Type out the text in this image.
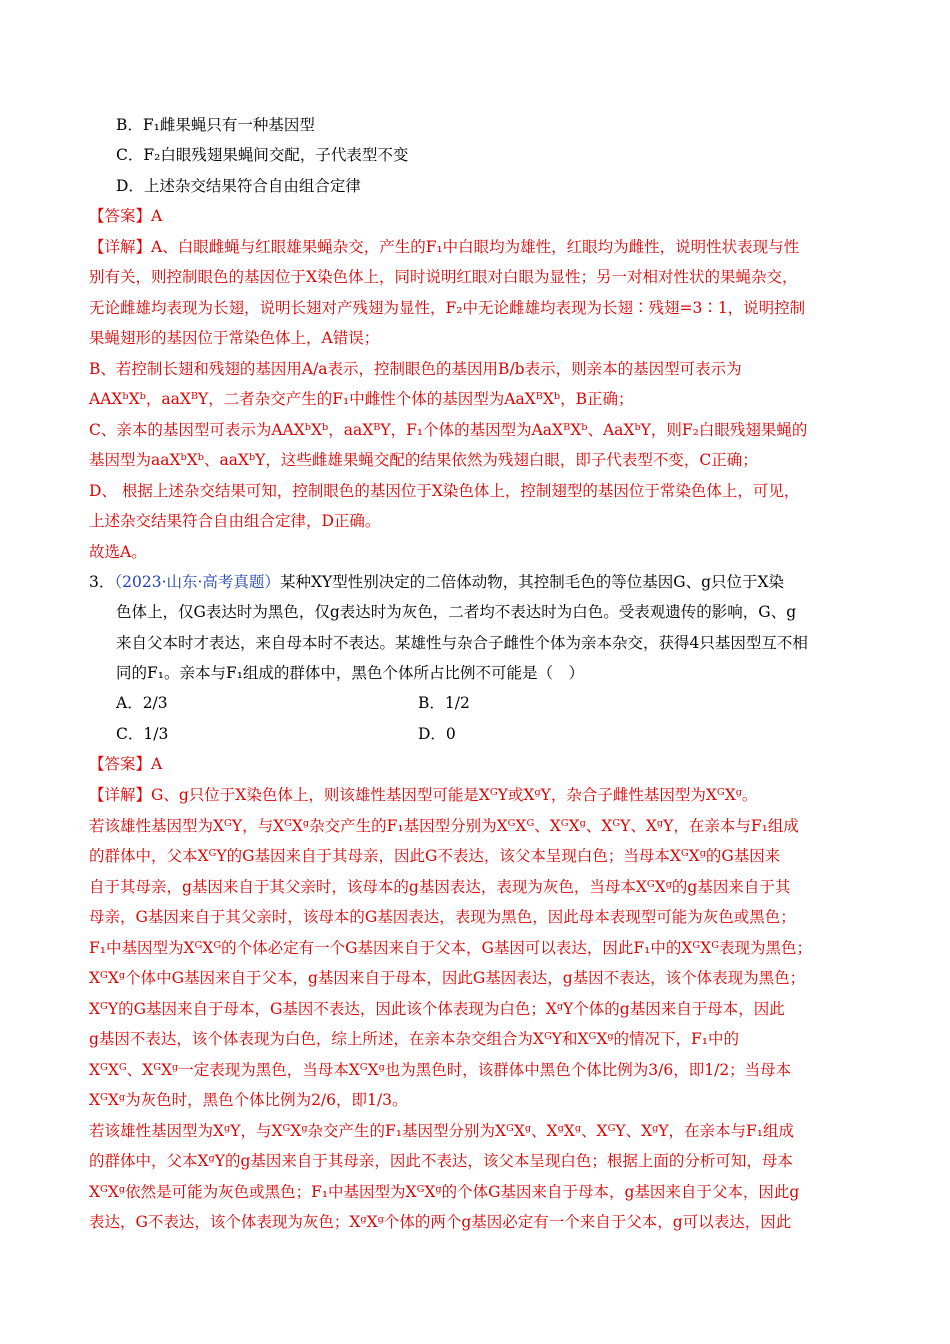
B．F₁雌果蝇只有一种基因型
C．F₂白眼残翅果蝇间交配，子代表型不变
D．上述杂交结果符合自由组合定律
【答案】A
【详解】A、白眼雌蝇与红眼雄果蝇杂交，产生的F₁中白眼均为雄性，红眼均为雌性，说明性状表现与性
别有关，则控制眼色的基因位于X染色体上，同时说明红眼对白眼为显性；另一对相对性状的果蝇杂交，
无论雌雄均表现为长翅，说明长翅对产残翅为显性，F₂中无论雌雄均表现为长翅∶残翅=3∶1，说明控制
果蝇翅形的基因位于常染色体上，A错误；
B、若控制长翅和残翅的基因用A/a表示，控制眼色的基因用B/b表示，则亲本的基因型可表示为
AAXᵇXᵇ，aaXᴮY，二者杂交产生的F₁中雌性个体的基因型为AaXᴮXᵇ，B正确；
C、亲本的基因型可表示为AAXᵇXᵇ，aaXᴮY，F₁个体的基因型为AaXᴮXᵇ、AaXᵇY，则F₂白眼残翅果蝇的
基因型为aaXᵇXᵇ、aaXᵇY，这些雌雄果蝇交配的结果依然为残翅白眼，即子代表型不变，C正确；
D、 根据上述杂交结果可知，控制眼色的基因位于X染色体上，控制翅型的基因位于常染色体上，可见，
上述杂交结果符合自由组合定律，D正确。
故选A。
3．（2023·山东·高考真题）某种XY型性别决定的二倍体动物，其控制毛色的等位基因G、g只位于X染
色体上，仅G表达时为黑色，仅g表达时为灰色，二者均不表达时为白色。受表观遗传的影响，G、g
来自父本时才表达，来自母本时不表达。某雄性与杂合子雌性个体为亲本杂交，获得4只基因型互不相
同的F₁。亲本与F₁组成的群体中，黑色个体所占比例不可能是（　）
A．2/3	B．1/2
C．1/3	D．0
【答案】A
【详解】G、g只位于X染色体上，则该雄性基因型可能是XᴳY或XᵍY，杂合子雌性基因型为XᴳXᵍ。
若该雄性基因型为XᴳY，与XᴳXᵍ杂交产生的F₁基因型分别为XᴳXᴳ、XᴳXᵍ、XᴳY、XᵍY，在亲本与F₁组成
的群体中，父本XᴳY的G基因来自于其母亲，因此G不表达，该父本呈现白色；当母本XᴳXᵍ的G基因来
自于其母亲，g基因来自于其父亲时，该母本的g基因表达，表现为灰色，当母本XᴳXᵍ的g基因来自于其
母亲，G基因来自于其父亲时，该母本的G基因表达，表现为黑色，因此母本表现型可能为灰色或黑色；
F₁中基因型为XᴳXᴳ的个体必定有一个G基因来自于父本，G基因可以表达，因此F₁中的XᴳXᴳ表现为黑色；
XᴳXᵍ个体中G基因来自于父本，g基因来自于母本，因此G基因表达，g基因不表达，该个体表现为黑色；
XᴳY的G基因来自于母本，G基因不表达，因此该个体表现为白色；XᵍY个体的g基因来自于母本，因此
g基因不表达，该个体表现为白色，综上所述，在亲本杂交组合为XᴳY和XᴳXᵍ的情况下，F₁中的
XᴳXᴳ、XᴳXᵍ一定表现为黑色，当母本XᴳXᵍ也为黑色时，该群体中黑色个体比例为3/6，即1/2；当母本
XᴳXᵍ为灰色时，黑色个体比例为2/6，即1/3。
若该雄性基因型为XᵍY，与XᴳXᵍ杂交产生的F₁基因型分别为XᴳXᵍ、XᵍXᵍ、XᴳY、XᵍY，在亲本与F₁组成
的群体中，父本XᵍY的g基因来自于其母亲，因此不表达，该父本呈现白色；根据上面的分析可知，母本
XᴳXᵍ依然是可能为灰色或黑色；F₁中基因型为XᴳXᵍ的个体G基因来自于母本，g基因来自于父本，因此g
表达，G不表达，该个体表现为灰色；XᵍXᵍ个体的两个g基因必定有一个来自于父本，g可以表达，因此
